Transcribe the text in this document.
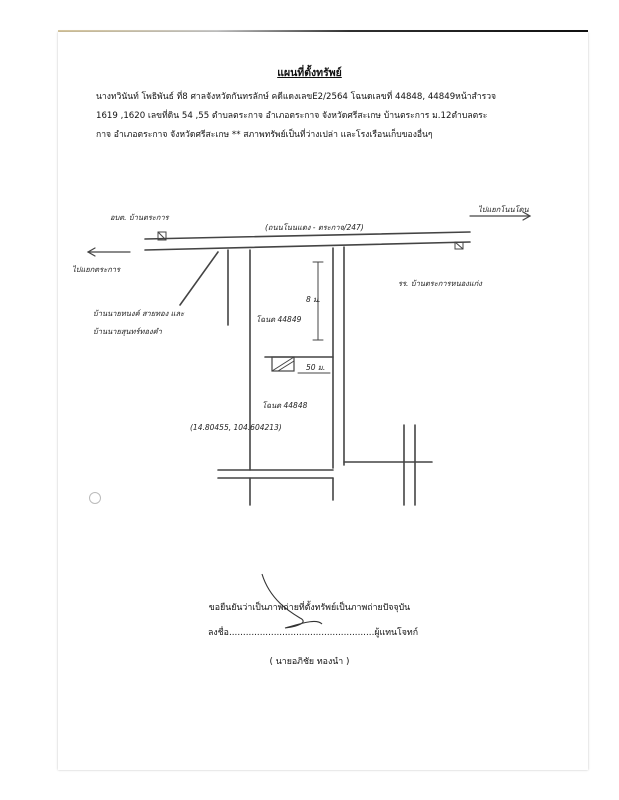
แผนที่ตั้งทรัพย์
นางทวินันท์ โพธิพันธ์ ที่8 ศาลจังหวัดกันทรลักษ์ คดีแดงเลขE2/2564 โฉนดเลขที่ 44848, 44849หน้าสำรวจ
1619 ,1620 เลขที่ดิน 54 ,55 ตำบลตระกาจ อำเภอตระกาจ จังหวัดศรีสะเกษ บ้านตระการ ม.12ตำบลตระ
กาจ อำเภอตระกาจ จังหวัดศรีสะเกษ ** สภาพทรัพย์เป็นที่ว่างเปล่า และโรงเรือนเก็บของอื่นๆ
อบต. บ้านตระการ
(ถนนโนนแดง - ตระกาจ/247)
ไปแยกโนนโดน
ไปแยกตระการ
รร. บ้านตระการหนองแก่ง
บ้านนายทนงค์ สายทอง และ
บ้านนายสุนทร์ทองคำ
โฉนด 44849
8 ม.
50 ม.
โฉนด 44848
(14.80455, 104.604213)
ขอยืนยันว่าเป็นภาพถ่ายที่ตั้งทรัพย์เป็นภาพถ่ายปัจจุบัน
ลงชื่อ....................................................ผู้แทนโจทก์
( นายอภิชัย ทองนำ )
